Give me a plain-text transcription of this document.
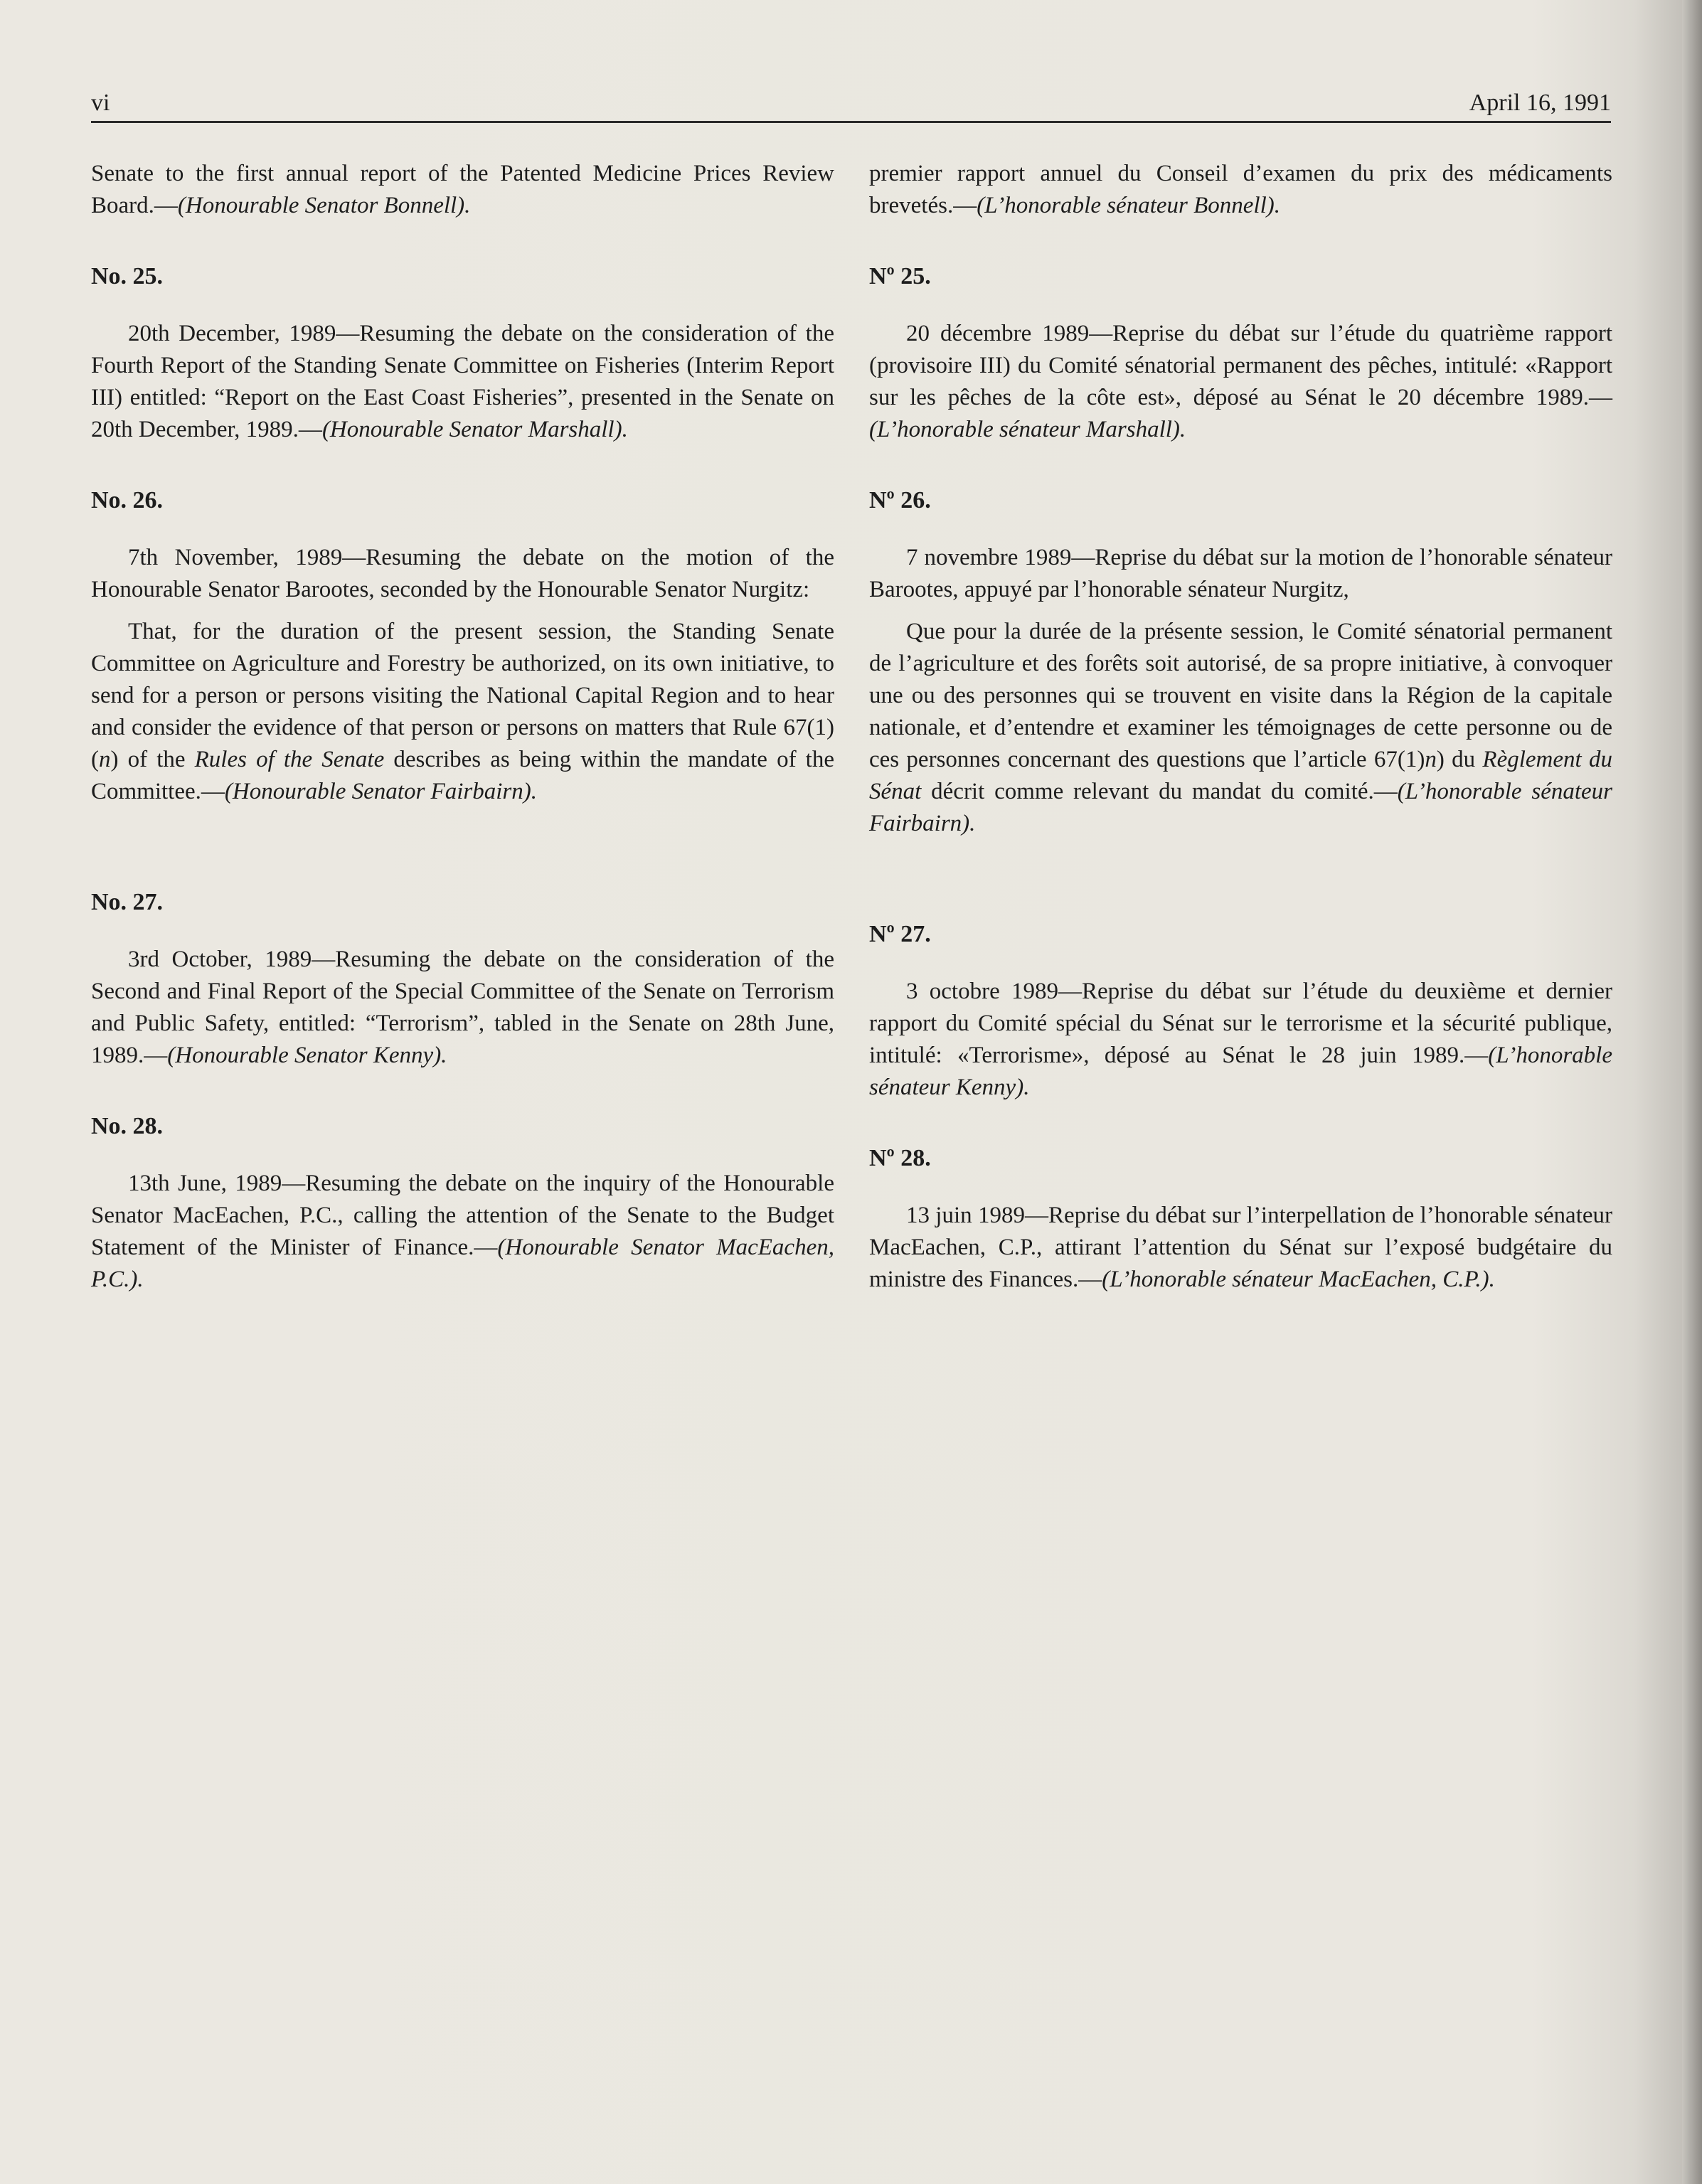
vi	April 16, 1991

Senate to the first annual report of the Patented Medicine Prices Review Board.—(Honourable Senator Bonnell).

No. 25.

20th December, 1989—Resuming the debate on the consideration of the Fourth Report of the Standing Senate Committee on Fisheries (Interim Report III) entitled: “Report on the East Coast Fisheries”, presented in the Senate on 20th December, 1989.—(Honourable Senator Marshall).

No. 26.

7th November, 1989—Resuming the debate on the motion of the Honourable Senator Barootes, seconded by the Honourable Senator Nurgitz:

That, for the duration of the present session, the Standing Senate Committee on Agriculture and Forestry be authorized, on its own initiative, to send for a person or persons visiting the National Capital Region and to hear and consider the evidence of that person or persons on matters that Rule 67(1)(n) of the Rules of the Senate describes as being within the mandate of the Committee.—(Honourable Senator Fairbairn).

No. 27.

3rd October, 1989—Resuming the debate on the consideration of the Second and Final Report of the Special Committee of the Senate on Terrorism and Public Safety, entitled: “Terrorism”, tabled in the Senate on 28th June, 1989.—(Honourable Senator Kenny).

No. 28.

13th June, 1989—Resuming the debate on the inquiry of the Honourable Senator MacEachen, P.C., calling the attention of the Senate to the Budget Statement of the Minister of Finance.—(Honourable Senator MacEachen, P.C.).

premier rapport annuel du Conseil d’examen du prix des médicaments brevetés.—(L’honorable sénateur Bonnell).

Nº 25.

20 décembre 1989—Reprise du débat sur l’étude du quatrième rapport (provisoire III) du Comité sénatorial permanent des pêches, intitulé: «Rapport sur les pêches de la côte est», déposé au Sénat le 20 décembre 1989.—(L’honorable sénateur Marshall).

Nº 26.

7 novembre 1989—Reprise du débat sur la motion de l’honorable sénateur Barootes, appuyé par l’honorable sénateur Nurgitz,

Que pour la durée de la présente session, le Comité sénatorial permanent de l’agriculture et des forêts soit autorisé, de sa propre initiative, à convoquer une ou des personnes qui se trouvent en visite dans la Région de la capitale nationale, et d’entendre et examiner les témoignages de cette personne ou de ces personnes concernant des questions que l’article 67(1)n) du Règlement du Sénat décrit comme relevant du mandat du comité.—(L’honorable sénateur Fairbairn).

Nº 27.

3 octobre 1989—Reprise du débat sur l’étude du deuxième et dernier rapport du Comité spécial du Sénat sur le terrorisme et la sécurité publique, intitulé: «Terrorisme», déposé au Sénat le 28 juin 1989.—(L’honorable sénateur Kenny).

Nº 28.

13 juin 1989—Reprise du débat sur l’interpellation de l’honorable sénateur MacEachen, C.P., attirant l’attention du Sénat sur l’exposé budgétaire du ministre des Finances.—(L’honorable sénateur MacEachen, C.P.).
